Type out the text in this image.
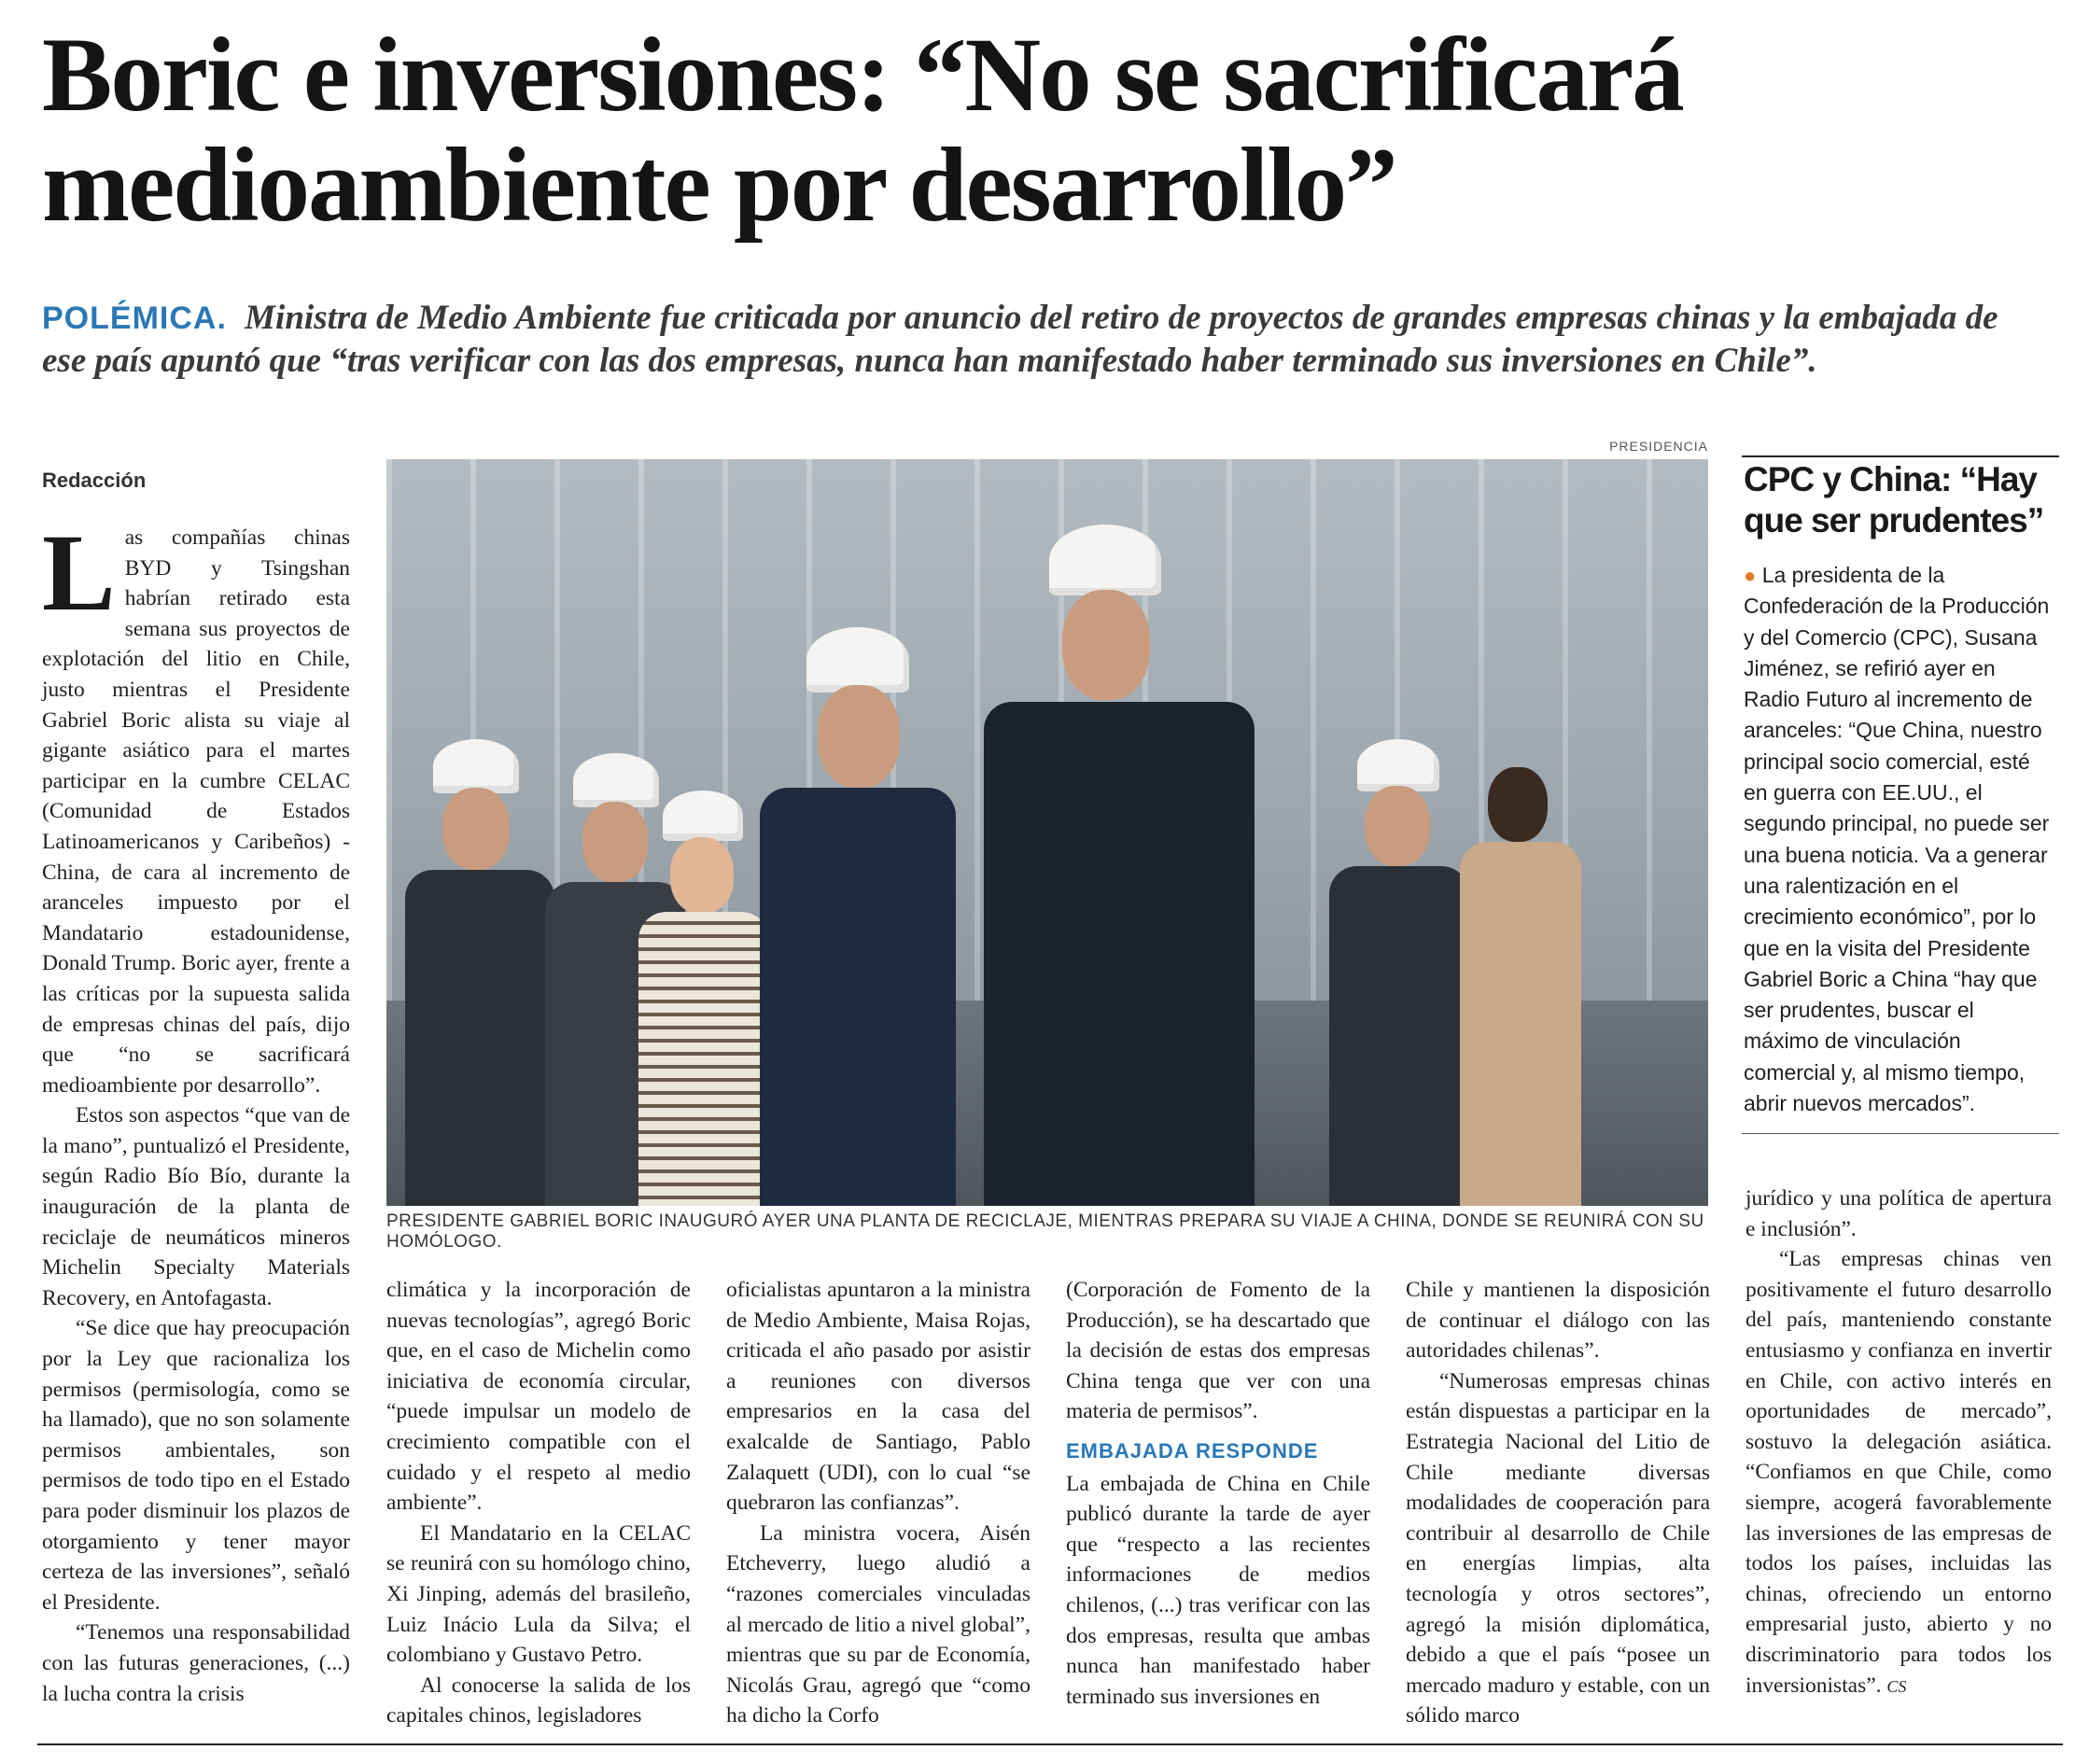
Boric e inversiones: “No se sacrificará
medioambiente por desarrollo”

POLÉMICA. Ministra de Medio Ambiente fue criticada por anuncio del retiro de proyectos de grandes empresas chinas y la embajada de ese país apuntó que “tras verificar con las dos empresas, nunca han manifestado haber terminado sus inversiones en Chile”.

Redacción

Las compañías chinas BYD y Tsingshan habrían retirado esta semana sus proyectos de explotación del litio en Chile, justo mientras el Presidente Gabriel Boric alista su viaje al gigante asiático para el martes participar en la cumbre CELAC (Comunidad de Estados Latinoamericanos y Caribeños) - China, de cara al incremento de aranceles impuesto por el Mandatario estadounidense, Donald Trump. Boric ayer, frente a las críticas por la supuesta salida de empresas chinas del país, dijo que “no se sacrificará medioambiente por desarrollo”.

Estos son aspectos “que van de la mano”, puntualizó el Presidente, según Radio Bío Bío, durante la inauguración de la planta de reciclaje de neumáticos mineros Michelin Specialty Materials Recovery, en Antofagasta.

“Se dice que hay preocupación por la Ley que racionaliza los permisos (permisología, como se ha llamado), que no son solamente permisos ambientales, son permisos de todo tipo en el Estado para poder disminuir los plazos de otorgamiento y tener mayor certeza de las inversiones”, señaló el Presidente.

“Tenemos una responsabilidad con las futuras generaciones, (...) la lucha contra la crisis

PRESIDENCIA
PRESIDENTE GABRIEL BORIC INAUGURÓ AYER UNA PLANTA DE RECICLAJE, MIENTRAS PREPARA SU VIAJE A CHINA, DONDE SE REUNIRÁ CON SU HOMÓLOGO.

climática y la incorporación de nuevas tecnologías”, agregó Boric que, en el caso de Michelin como iniciativa de economía circular, “puede impulsar un modelo de crecimiento compatible con el cuidado y el respeto al medio ambiente”.

El Mandatario en la CELAC se reunirá con su homólogo chino, Xi Jinping, además del brasileño, Luiz Inácio Lula da Silva; el colombiano y Gustavo Petro.

Al conocerse la salida de los capitales chinos, legisladores

oficialistas apuntaron a la ministra de Medio Ambiente, Maisa Rojas, criticada el año pasado por asistir a reuniones con diversos empresarios en la casa del exalcalde de Santiago, Pablo Zalaquett (UDI), con lo cual “se quebraron las confianzas”.

La ministra vocera, Aisén Etcheverry, luego aludió a “razones comerciales vinculadas al mercado de litio a nivel global”, mientras que su par de Economía, Nicolás Grau, agregó que “como ha dicho la Corfo

(Corporación de Fomento de la Producción), se ha descartado que la decisión de estas dos empresas China tenga que ver con una materia de permisos”.

EMBAJADA RESPONDE

La embajada de China en Chile publicó durante la tarde de ayer que “respecto a las recientes informaciones de medios chilenos, (...) tras verificar con las dos empresas, resulta que ambas nunca han manifestado haber terminado sus inversiones en

Chile y mantienen la disposición de continuar el diálogo con las autoridades chilenas”.

“Numerosas empresas chinas están dispuestas a participar en la Estrategia Nacional del Litio de Chile mediante diversas modalidades de cooperación para contribuir al desarrollo de Chile en energías limpias, alta tecnología y otros sectores”, agregó la misión diplomática, debido a que el país “posee un mercado maduro y estable, con un sólido marco

CPC y China: “Hay que ser prudentes”
● La presidenta de la Confederación de la Producción y del Comercio (CPC), Susana Jiménez, se refirió ayer en Radio Futuro al incremento de aranceles: “Que China, nuestro principal socio comercial, esté en guerra con EE.UU., el segundo principal, no puede ser una buena noticia. Va a generar una ralentización en el crecimiento económico”, por lo que en la visita del Presidente Gabriel Boric a China “hay que ser prudentes, buscar el máximo de vinculación comercial y, al mismo tiempo, abrir nuevos mercados”.

jurídico y una política de apertura e inclusión”.

“Las empresas chinas ven positivamente el futuro desarrollo del país, manteniendo constante entusiasmo y confianza en invertir en Chile, con activo interés en oportunidades de mercado”, sostuvo la delegación asiática. “Confiamos en que Chile, como siempre, acogerá favorablemente las inversiones de las empresas de todos los países, incluidas las chinas, ofreciendo un entorno empresarial justo, abierto y no discriminatorio para todos los inversionistas”. CS
